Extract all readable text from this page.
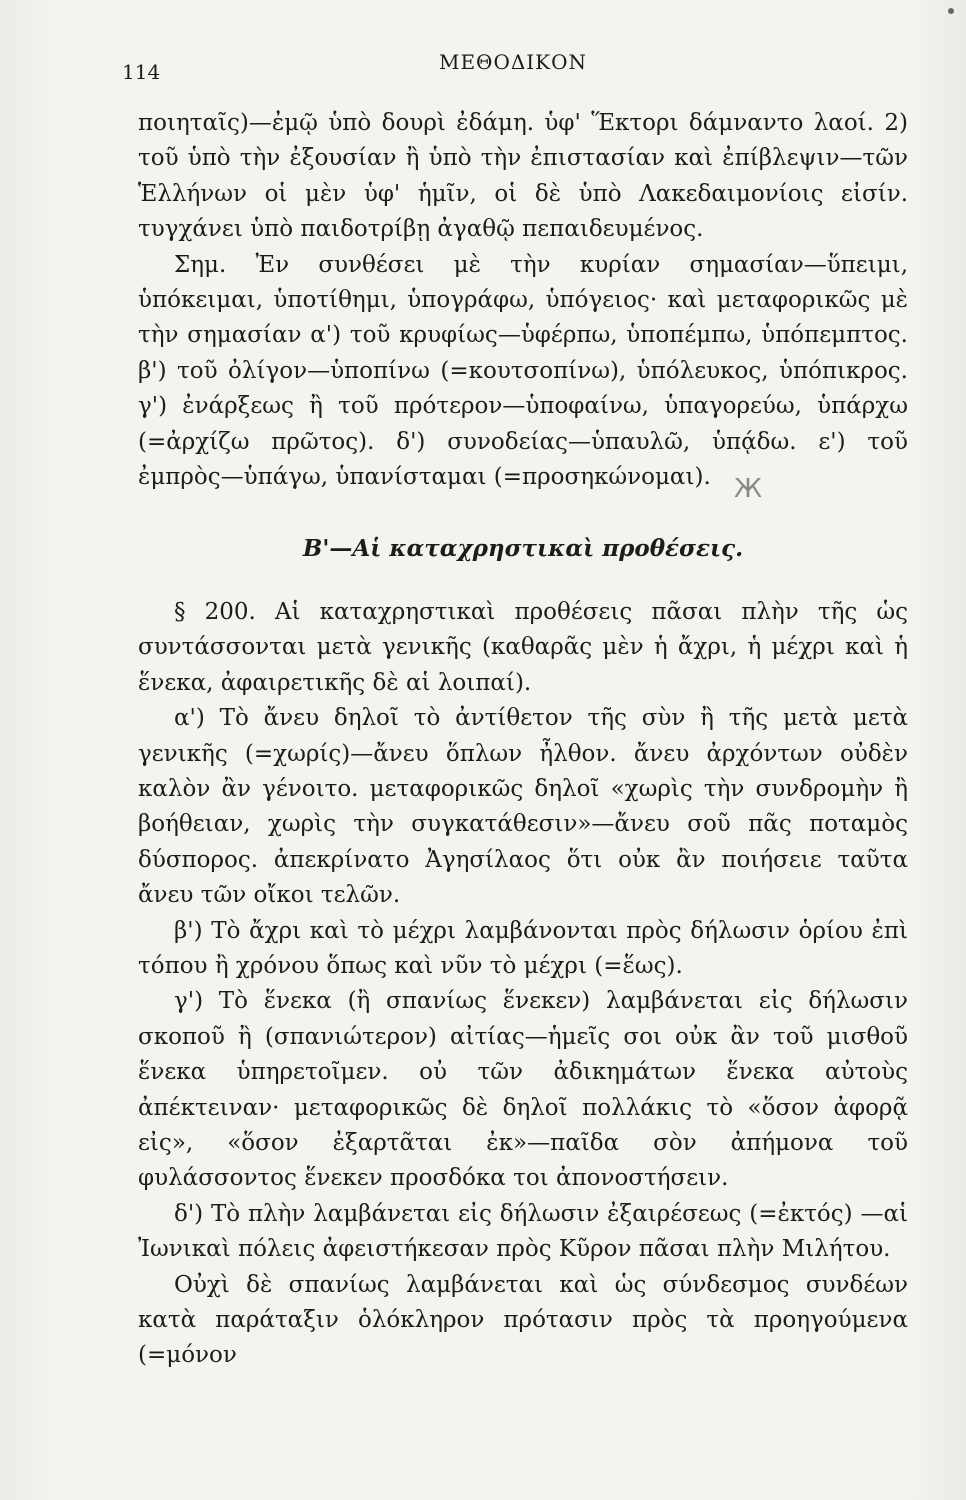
114	ΜΕΘΟΔΙΚΟΝ

ποιηταῖς)—ἐμῷ ὑπὸ δουρὶ ἐδάμη. ὑφ' Ἕκτορι δάμναντο λαοί. 2) τοῦ ὑπὸ τὴν ἐξουσίαν ἢ ὑπὸ τὴν ἐπιστασίαν καὶ ἐπίβλεψιν—τῶν Ἑλλήνων οἱ μὲν ὑφ' ἡμῖν, οἱ δὲ ὑπὸ Λακεδαιμονίοις εἰσίν. τυγχάνει ὑπὸ παιδοτρίβῃ ἀγαθῷ πεπαιδευμένος.

Σημ. Ἐν συνθέσει μὲ τὴν κυρίαν σημασίαν—ὕπειμι, ὑπόκειμαι, ὑποτίθημι, ὑπογράφω, ὑπόγειος· καὶ μεταφορικῶς μὲ τὴν σημασίαν α') τοῦ κρυφίως—ὑφέρπω, ὑποπέμπω, ὑπόπεμπτος. β') τοῦ ὀλίγον—ὑποπίνω (=κουτσοπίνω), ὑπόλευκος, ὑπόπικρος. γ') ἐνάρξεως ἢ τοῦ πρότερον—ὑποφαίνω, ὑπαγορεύω, ὑπάρχω (=ἀρχίζω πρῶτος). δ') συνοδείας—ὑπαυλῶ, ὑπᾴδω. ε') τοῦ ἐμπρὸς—ὑπάγω, ὑπανίσταμαι (=προσηκώνομαι).

Β'—Αἱ καταχρηστικαὶ προθέσεις.

§ 200. Αἱ καταχρηστικαὶ προθέσεις πᾶσαι πλὴν τῆς ὡς συντάσσονται μετὰ γενικῆς (καθαρᾶς μὲν ἡ ἄχρι, ἡ μέχρι καὶ ἡ ἕνεκα, ἀφαιρετικῆς δὲ αἱ λοιπαί).

α') Τὸ ἄνευ δηλοῖ τὸ ἀντίθετον τῆς σὺν ἢ τῆς μετὰ μετὰ γενικῆς (=χωρίς)—ἄνευ ὅπλων ἦλθον. ἄνευ ἀρχόντων οὐδὲν καλὸν ἂν γένοιτο. μεταφορικῶς δηλοῖ «χωρὶς τὴν συνδρομὴν ἢ βοήθειαν, χωρὶς τὴν συγκατάθεσιν»—ἄνευ σοῦ πᾶς ποταμὸς δύσπορος. ἀπεκρίνατο Ἀγησίλαος ὅτι οὐκ ἂν ποιήσειε ταῦτα ἄνευ τῶν οἴκοι τελῶν.

β') Τὸ ἄχρι καὶ τὸ μέχρι λαμβάνονται πρὸς δήλωσιν ὁρίου ἐπὶ τόπου ἢ χρόνου ὅπως καὶ νῦν τὸ μέχρι (=ἕως).

γ') Τὸ ἕνεκα (ἢ σπανίως ἕνεκεν) λαμβάνεται εἰς δήλωσιν σκοποῦ ἢ (σπανιώτερον) αἰτίας—ἡμεῖς σοι οὐκ ἂν τοῦ μισθοῦ ἕνεκα ὑπηρετοῖμεν. οὐ τῶν ἀδικημάτων ἕνεκα αὐτοὺς ἀπέκτειναν· μεταφορικῶς δὲ δηλοῖ πολλάκις τὸ «ὅσον ἀφορᾷ εἰς», «ὅσον ἐξαρτᾶται ἐκ»—παῖδα σὸν ἀπήμονα τοῦ φυλάσσοντος ἕνεκεν προσδόκα τοι ἀπονοστήσειν.

δ') Τὸ πλὴν λαμβάνεται εἰς δήλωσιν ἐξαιρέσεως (=ἐκτός) —αἱ Ἰωνικαὶ πόλεις ἀφειστήκεσαν πρὸς Κῦρον πᾶσαι πλὴν Μιλήτου.

Οὐχὶ δὲ σπανίως λαμβάνεται καὶ ὡς σύνδεσμος συνδέων κατὰ παράταξιν ὁλόκληρον πρότασιν πρὸς τὰ προηγούμενα (=μόνον

Ж
